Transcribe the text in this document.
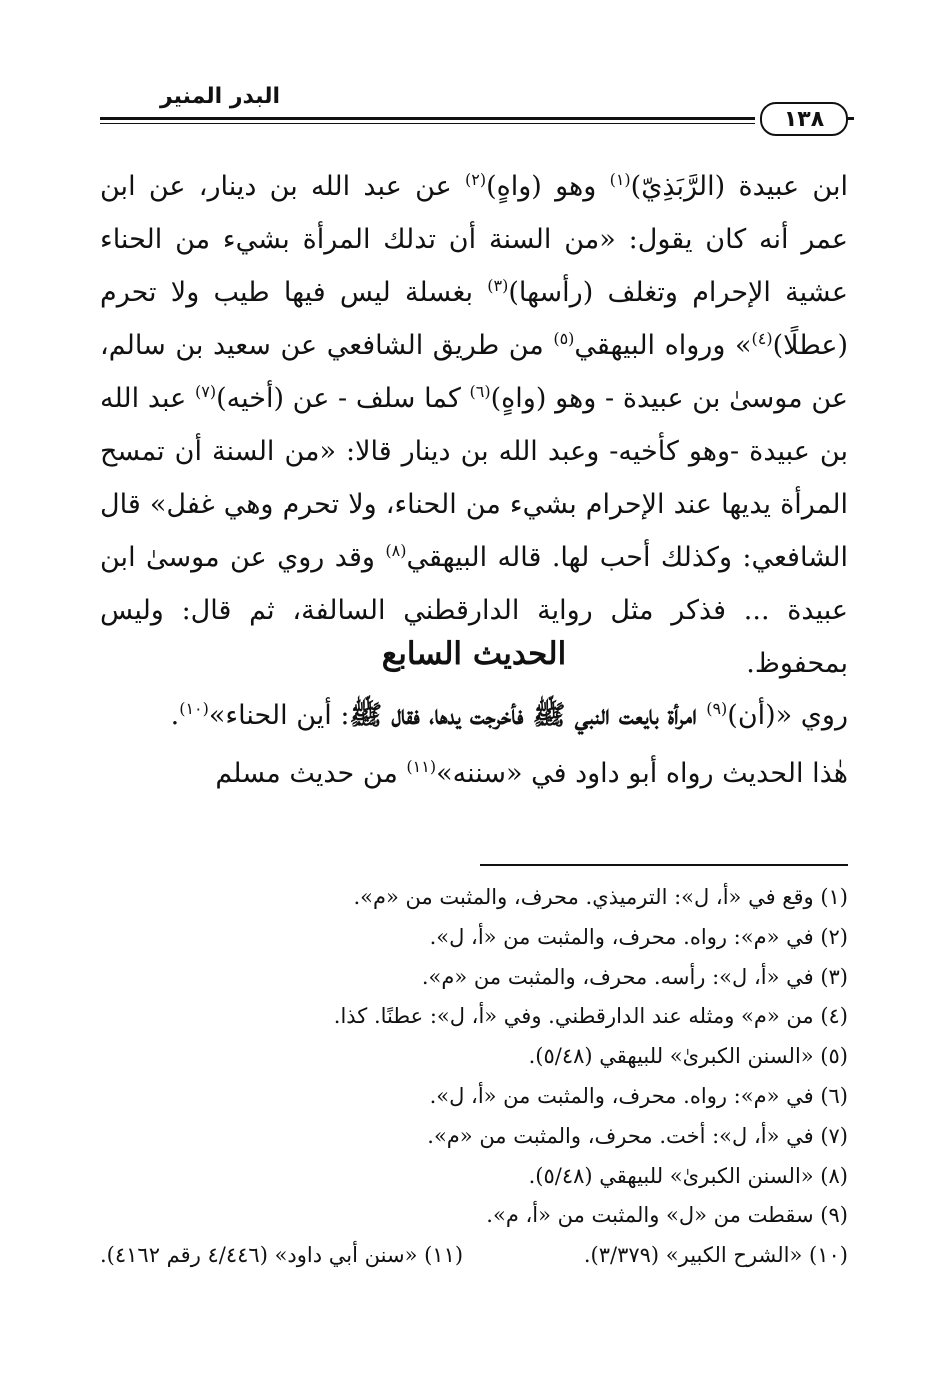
البدر المنير
١٣٨

ابن عبيدة (الرَّبَذِيّ)$^{(١)}$ وهو (واهٍ)$^{(٢)}$ عن عبد الله بن دينار، عن ابن عمر أنه كان يقول: «من السنة أن تدلك المرأة بشيء من الحناء عشية الإحرام وتغلف (رأسها)$^{(٣)}$ بغسلة ليس فيها طيب ولا تحرم (عطلًا)$^{(٤)}$» ورواه البيهقي$^{(٥)}$ من طريق الشافعي عن سعيد بن سالم، عن موسىٰ بن عبيدة - وهو (واهٍ)$^{(٦)}$ كما سلف - عن (أخيه)$^{(٧)}$ عبد الله بن عبيدة -وهو كأخيه- وعبد الله بن دينار قالا: «من السنة أن تمسح المرأة يديها عند الإحرام بشيء من الحناء، ولا تحرم وهي غفل» قال الشافعي: وكذلك أحب لها. قاله البيهقي$^{(٨)}$ وقد روي عن موسىٰ ابن عبيدة ... فذكر مثل رواية الدارقطني السالفة، ثم قال: وليس بمحفوظ.

الحديث السابع

روي «(أن)$^{(٩)}$ امرأة بايعت النبي ﷺ فأخرجت يدها، فقال ﷺ: أين الحناء»$^{(١٠)}$.

هٰذا الحديث رواه أبو داود في «سننه»$^{(١١)}$ من حديث مسلم

(١) وقع في «أ، ل»: الترميذي. محرف، والمثبت من «م».

(٢) في «م»: رواه. محرف، والمثبت من «أ، ل».

(٣) في «أ، ل»: رأسه. محرف، والمثبت من «م».

(٤) من «م» ومثله عند الدارقطني. وفي «أ، ل»: عطنًا. كذا.

(٥) «السنن الكبرىٰ» للبيهقي (٥/٤٨).

(٦) في «م»: رواه. محرف، والمثبت من «أ، ل».

(٧) في «أ، ل»: أخت. محرف، والمثبت من «م».

(٨) «السنن الكبرىٰ» للبيهقي (٥/٤٨).

(٩) سقطت من «ل» والمثبت من «أ، م».

(١٠) «الشرح الكبير» (٣/٣٧٩).
(١١) «سنن أبي داود» (٤/٤٤٦ رقم ٤١٦٢).
